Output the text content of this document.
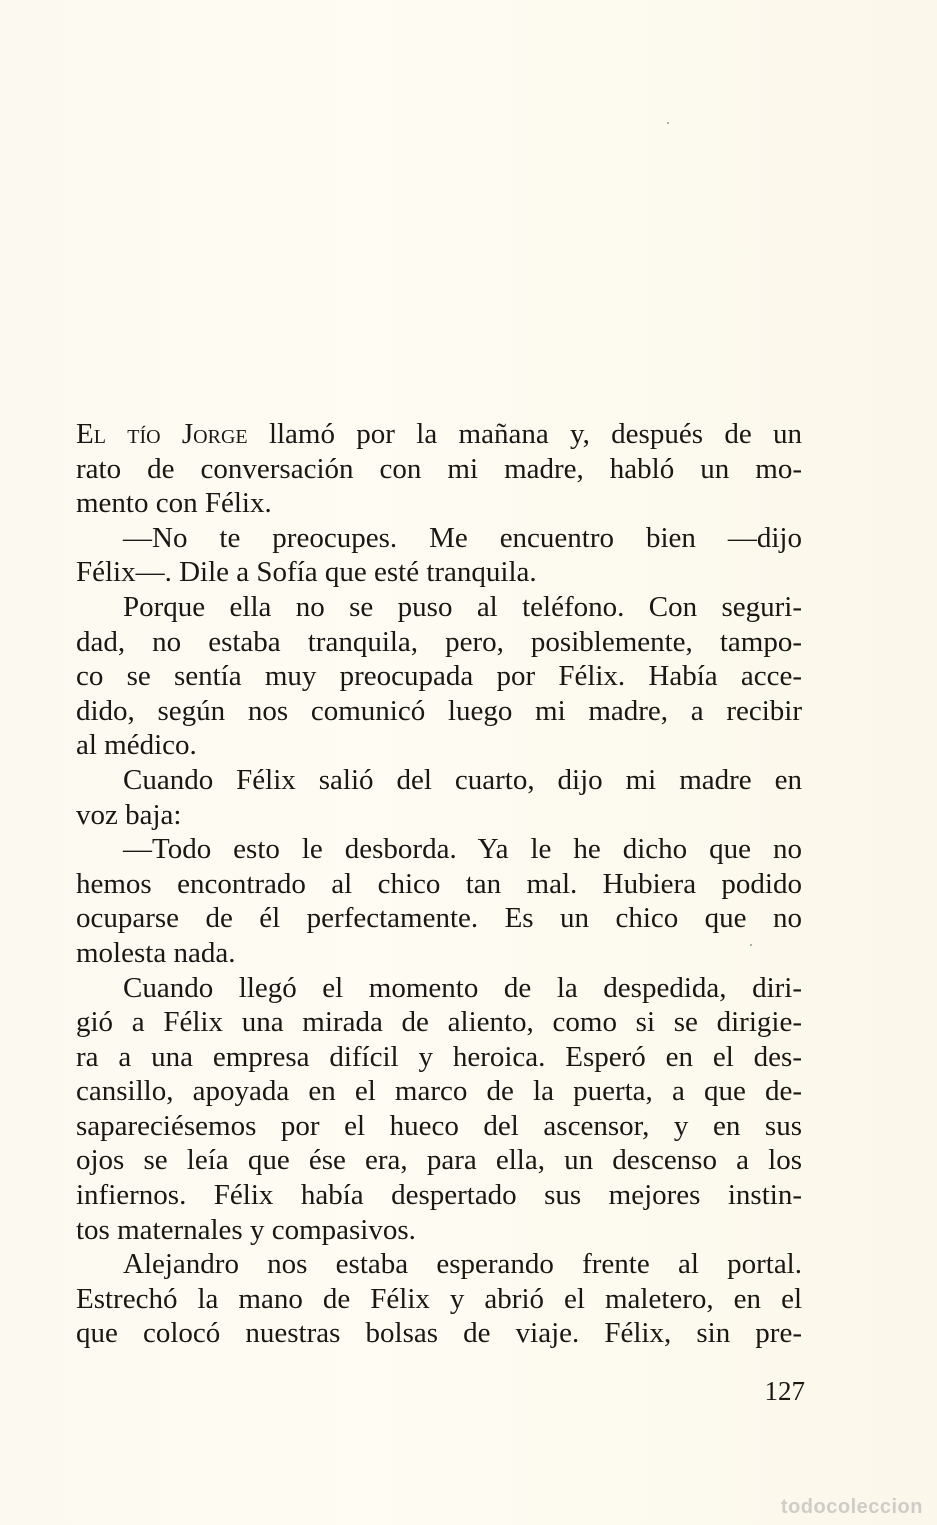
El tío Jorge llamó por la mañana y, después de un
rato de conversación con mi madre, habló un mo-
mento con Félix.
—No te preocupes. Me encuentro bien —dijo
Félix—. Dile a Sofía que esté tranquila.
Porque ella no se puso al teléfono. Con seguri-
dad, no estaba tranquila, pero, posiblemente, tampo-
co se sentía muy preocupada por Félix. Había acce-
dido, según nos comunicó luego mi madre, a recibir
al médico.
Cuando Félix salió del cuarto, dijo mi madre en
voz baja:
—Todo esto le desborda. Ya le he dicho que no
hemos encontrado al chico tan mal. Hubiera podido
ocuparse de él perfectamente. Es un chico que no
molesta nada.
Cuando llegó el momento de la despedida, diri-
gió a Félix una mirada de aliento, como si se dirigie-
ra a una empresa difícil y heroica. Esperó en el des-
cansillo, apoyada en el marco de la puerta, a que de-
sapareciésemos por el hueco del ascensor, y en sus
ojos se leía que ése era, para ella, un descenso a los
infiernos. Félix había despertado sus mejores instin-
tos maternales y compasivos.
Alejandro nos estaba esperando frente al portal.
Estrechó la mano de Félix y abrió el maletero, en el
que colocó nuestras bolsas de viaje. Félix, sin pre-
127
todocoleccion
